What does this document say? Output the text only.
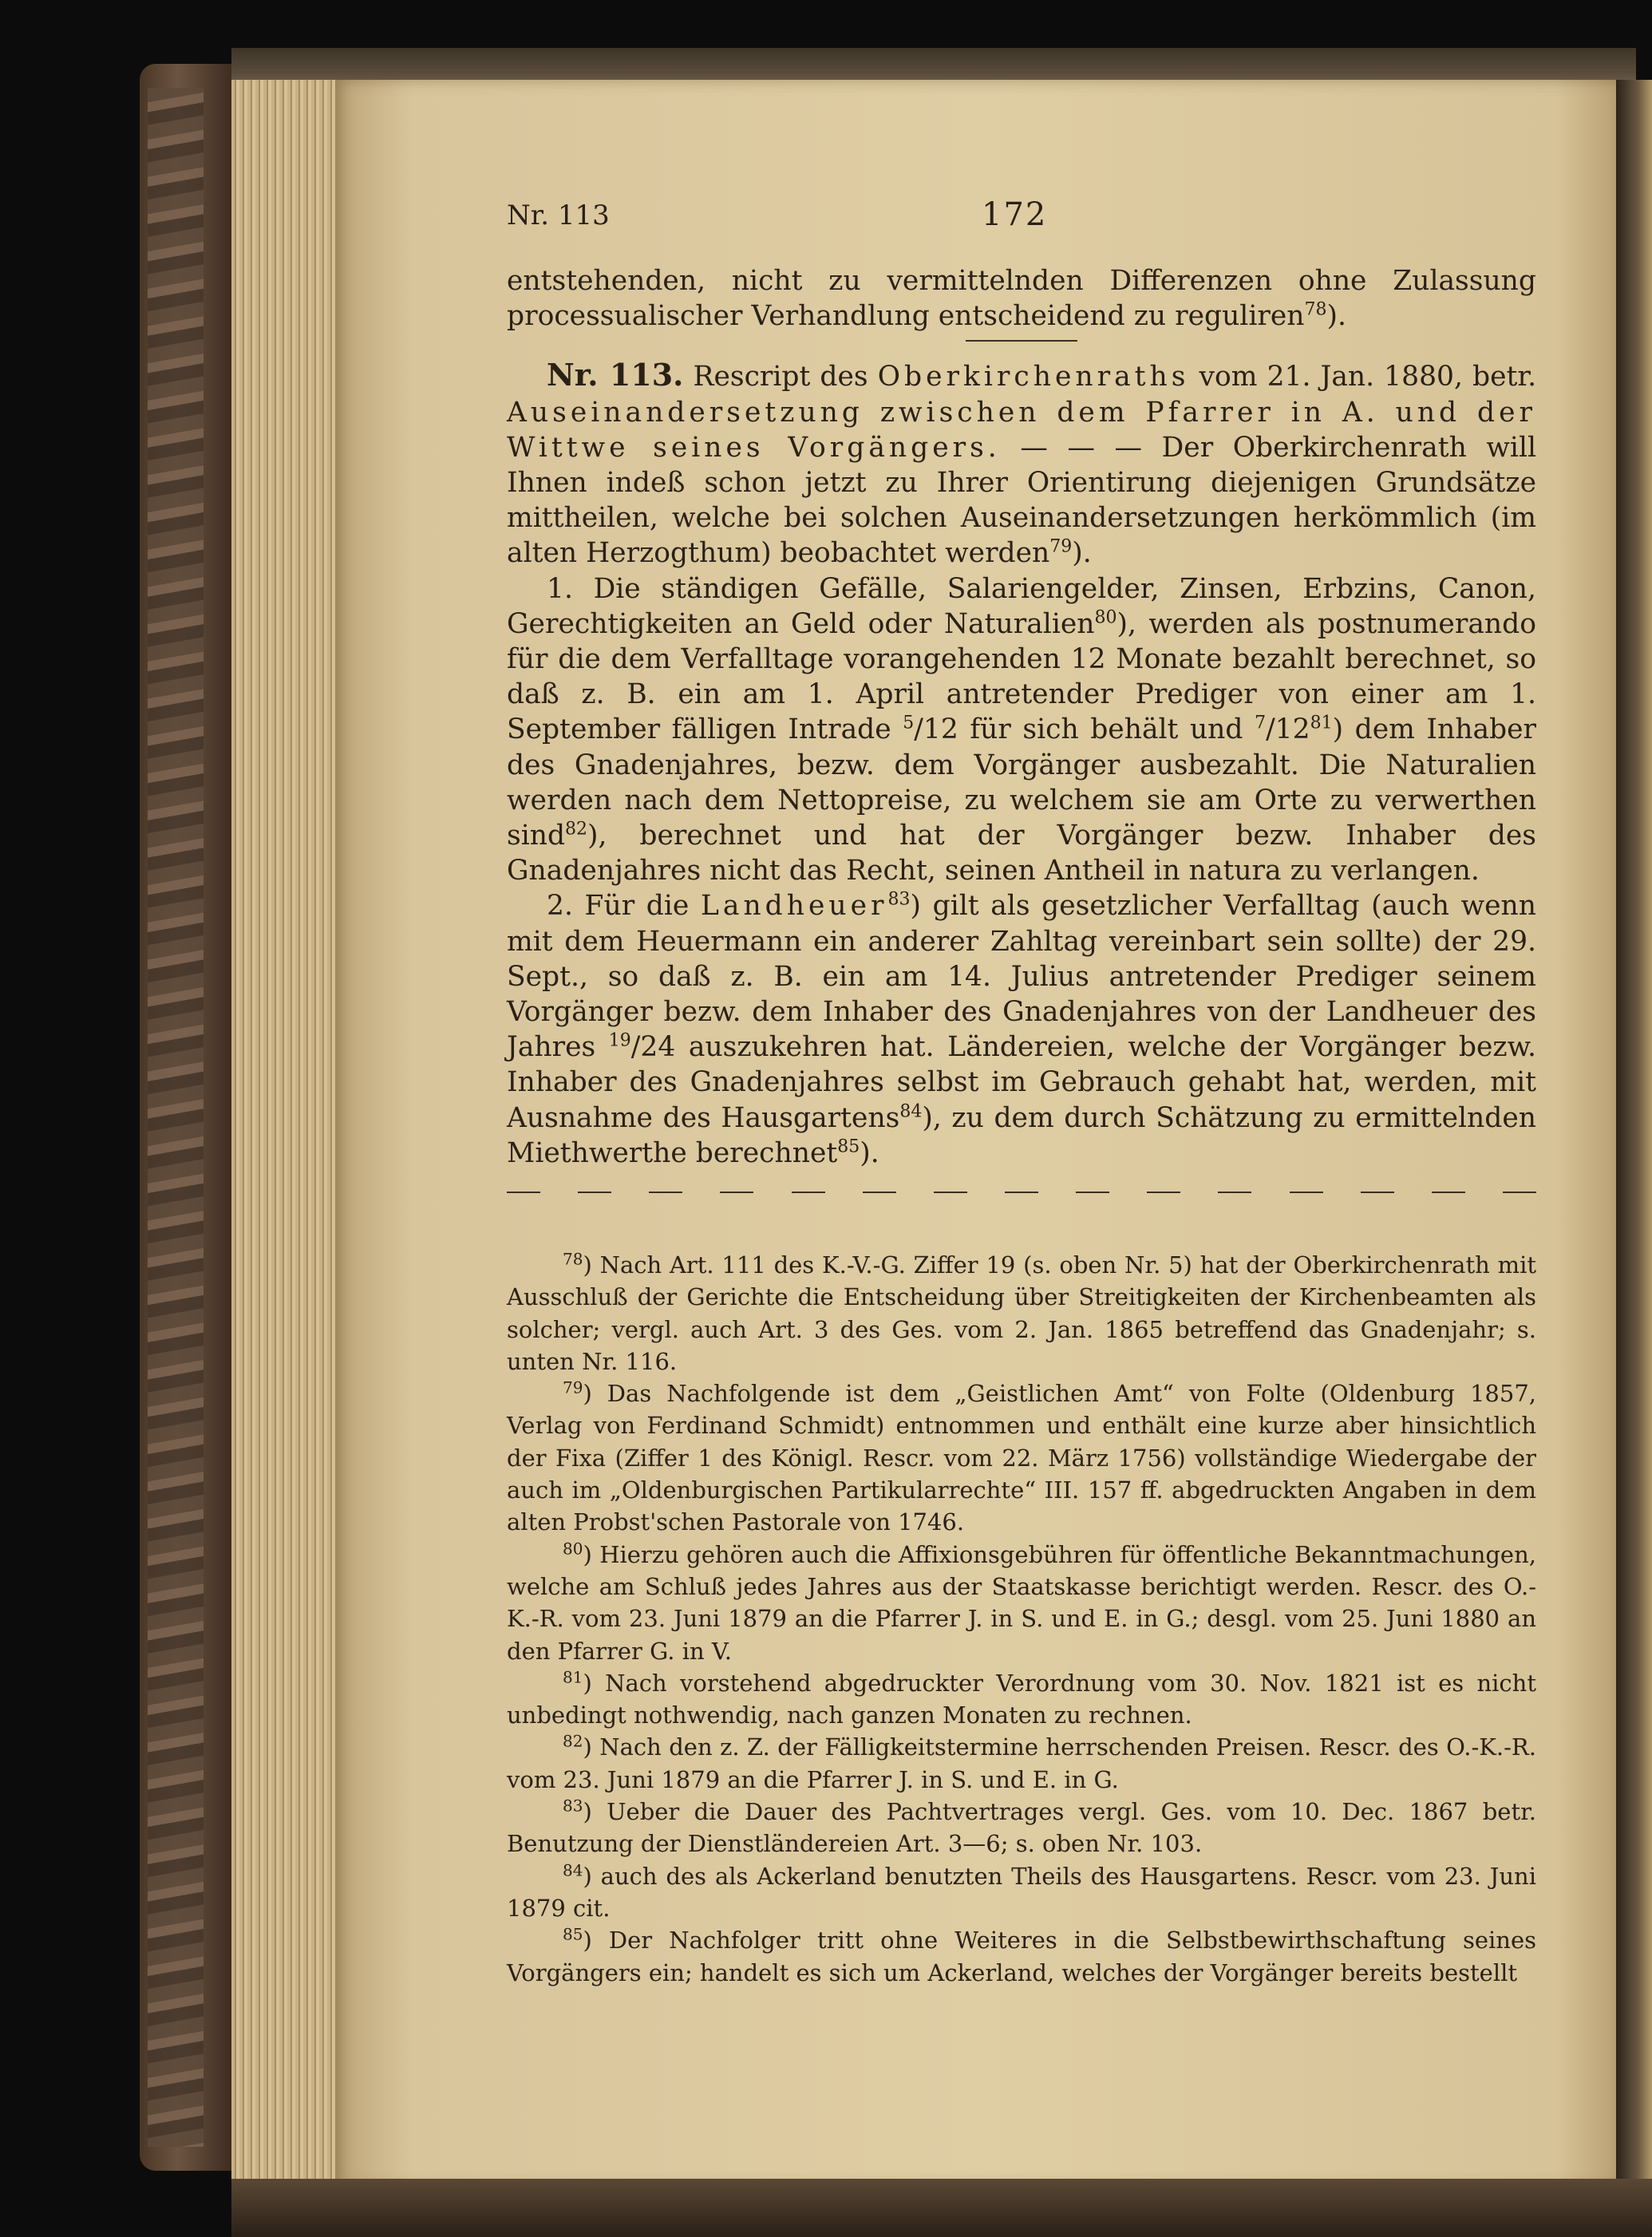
Nr. 113	172

entstehenden, nicht zu vermittelnden Differenzen ohne Zulassung processualischer Verhandlung entscheidend zu reguliren$^{78}$).

Nr. 113. Rescript des Oberkirchenraths vom 21. Jan. 1880, betr. Auseinandersetzung zwischen dem Pfarrer in A. und der Wittwe seines Vorgängers. — — — Der Oberkirchenrath will Ihnen indeß schon jetzt zu Ihrer Orientirung diejenigen Grundsätze mittheilen, welche bei solchen Auseinandersetzungen herkömmlich (im alten Herzogthum) beobachtet werden$^{79}$).

1. Die ständigen Gefälle, Salariengelder, Zinsen, Erbzins, Canon, Gerechtigkeiten an Geld oder Naturalien$^{80}$), werden als postnumerando für die dem Verfalltage vorangehenden 12 Monate bezahlt berechnet, so daß z. B. ein am 1. April antretender Prediger von einer am 1. September fälligen Intrade $^5$/12 für sich behält und $^7/12^{81}$) dem Inhaber des Gnadenjahres, bezw. dem Vorgänger ausbezahlt. Die Naturalien werden nach dem Nettopreise, zu welchem sie am Orte zu verwerthen sind$^{82}$), berechnet und hat der Vorgänger bezw. Inhaber des Gnadenjahres nicht das Recht, seinen Antheil in natura zu verlangen.

2. Für die Landheuer$^{83}$) gilt als gesetzlicher Verfalltag (auch wenn mit dem Heuermann ein anderer Zahltag vereinbart sein sollte) der 29. Sept., so daß z. B. ein am 14. Julius antretender Prediger seinem Vorgänger bezw. dem Inhaber des Gnadenjahres von der Landheuer des Jahres $^{19}$/24 auszukehren hat. Ländereien, welche der Vorgänger bezw. Inhaber des Gnadenjahres selbst im Gebrauch gehabt hat, werden, mit Ausnahme des Hausgartens$^{84}$), zu dem durch Schätzung zu ermittelnden Miethwerthe berechnet$^{85}$).

$^{78}$) Nach Art. 111 des K.-V.-G. Ziffer 19 (s. oben Nr. 5) hat der Oberkirchenrath mit Ausschluß der Gerichte die Entscheidung über Streitigkeiten der Kirchenbeamten als solcher; vergl. auch Art. 3 des Ges. vom 2. Jan. 1865 betreffend das Gnadenjahr; s. unten Nr. 116.

$^{79}$) Das Nachfolgende ist dem „Geistlichen Amt“ von Folte (Oldenburg 1857, Verlag von Ferdinand Schmidt) entnommen und enthält eine kurze aber hinsichtlich der Fixa (Ziffer 1 des Königl. Rescr. vom 22. März 1756) vollständige Wiedergabe der auch im „Oldenburgischen Partikularrechte“ III. 157 ff. abgedruckten Angaben in dem alten Probst'schen Pastorale von 1746.

$^{80}$) Hierzu gehören auch die Affixionsgebühren für öffentliche Bekanntmachungen, welche am Schluß jedes Jahres aus der Staatskasse berichtigt werden. Rescr. des O.-K.-R. vom 23. Juni 1879 an die Pfarrer J. in S. und E. in G.; desgl. vom 25. Juni 1880 an den Pfarrer G. in V.

$^{81}$) Nach vorstehend abgedruckter Verordnung vom 30. Nov. 1821 ist es nicht unbedingt nothwendig, nach ganzen Monaten zu rechnen.

$^{82}$) Nach den z. Z. der Fälligkeitstermine herrschenden Preisen. Rescr. des O.-K.-R. vom 23. Juni 1879 an die Pfarrer J. in S. und E. in G.

$^{83}$) Ueber die Dauer des Pachtvertrages vergl. Ges. vom 10. Dec. 1867 betr. Benutzung der Dienstländereien Art. 3—6; s. oben Nr. 103.

$^{84}$) auch des als Ackerland benutzten Theils des Hausgartens. Rescr. vom 23. Juni 1879 cit.

$^{85}$) Der Nachfolger tritt ohne Weiteres in die Selbstbewirthschaftung seines Vorgängers ein; handelt es sich um Ackerland, welches der Vorgänger bereits bestellt
